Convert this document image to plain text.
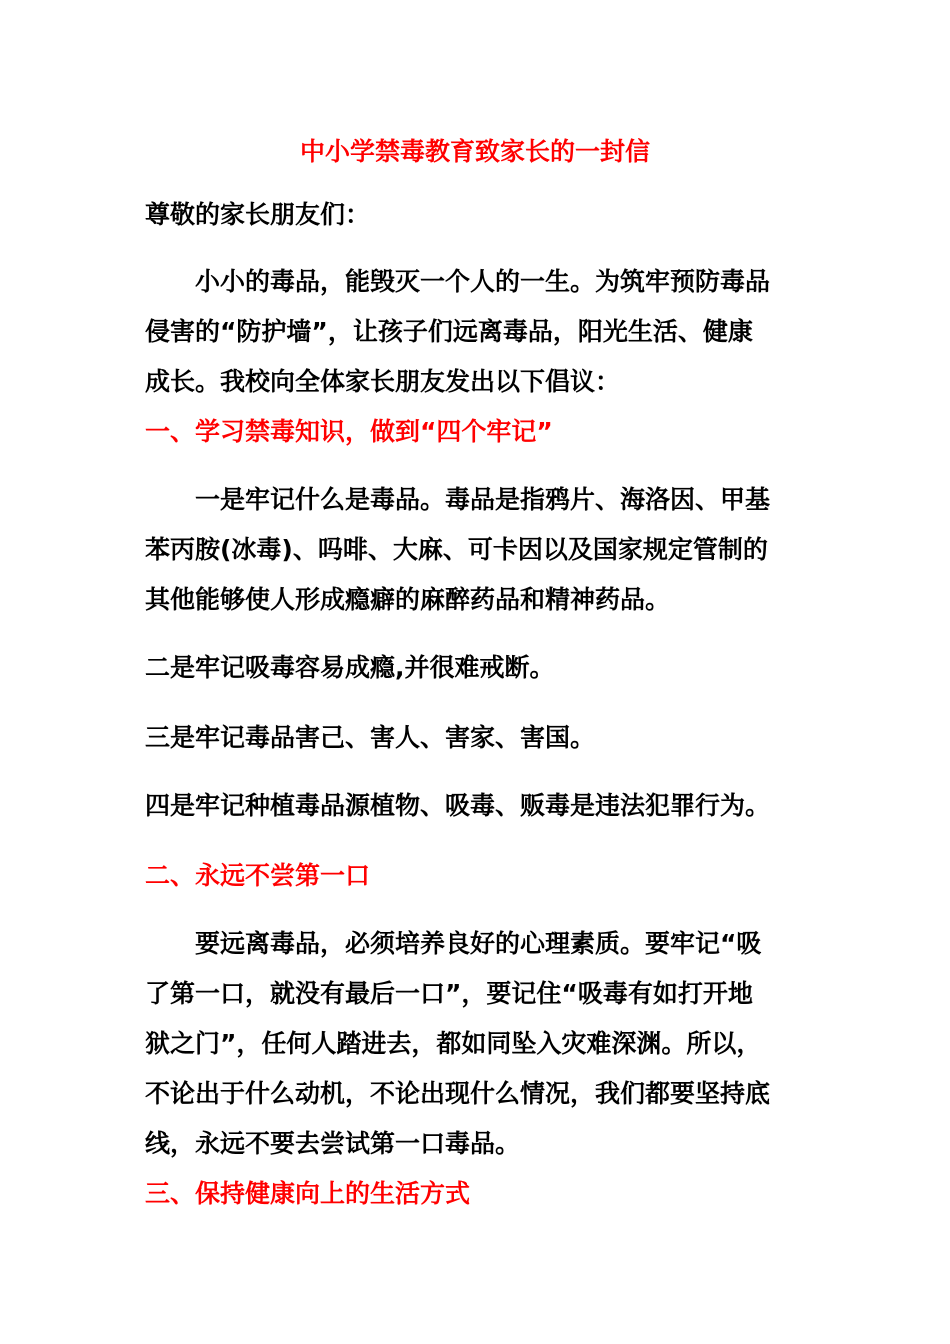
中小学禁毒教育致家长的一封信
尊敬的家长朋友们：
小小的毒品，能毁灭一个人的一生。为筑牢预防毒品
侵害的“防护墙”，让孩子们远离毒品，阳光生活、健康
成长。我校向全体家长朋友发出以下倡议：
一、学习禁毒知识，做到“四个牢记”
一是牢记什么是毒品。毒品是指鸦片、海洛因、甲基
苯丙胺(冰毒)、吗啡、大麻、可卡因以及国家规定管制的
其他能够使人形成瘾癖的麻醉药品和精神药品。
二是牢记吸毒容易成瘾,并很难戒断。
三是牢记毒品害己、害人、害家、害国。
四是牢记种植毒品源植物、吸毒、贩毒是违法犯罪行为。
二、永远不尝第一口
要远离毒品，必须培养良好的心理素质。要牢记“吸
了第一口，就没有最后一口”，要记住“吸毒有如打开地
狱之门”，任何人踏进去，都如同坠入灾难深渊。所以，
不论出于什么动机，不论出现什么情况，我们都要坚持底
线，永远不要去尝试第一口毒品。
三、保持健康向上的生活方式
